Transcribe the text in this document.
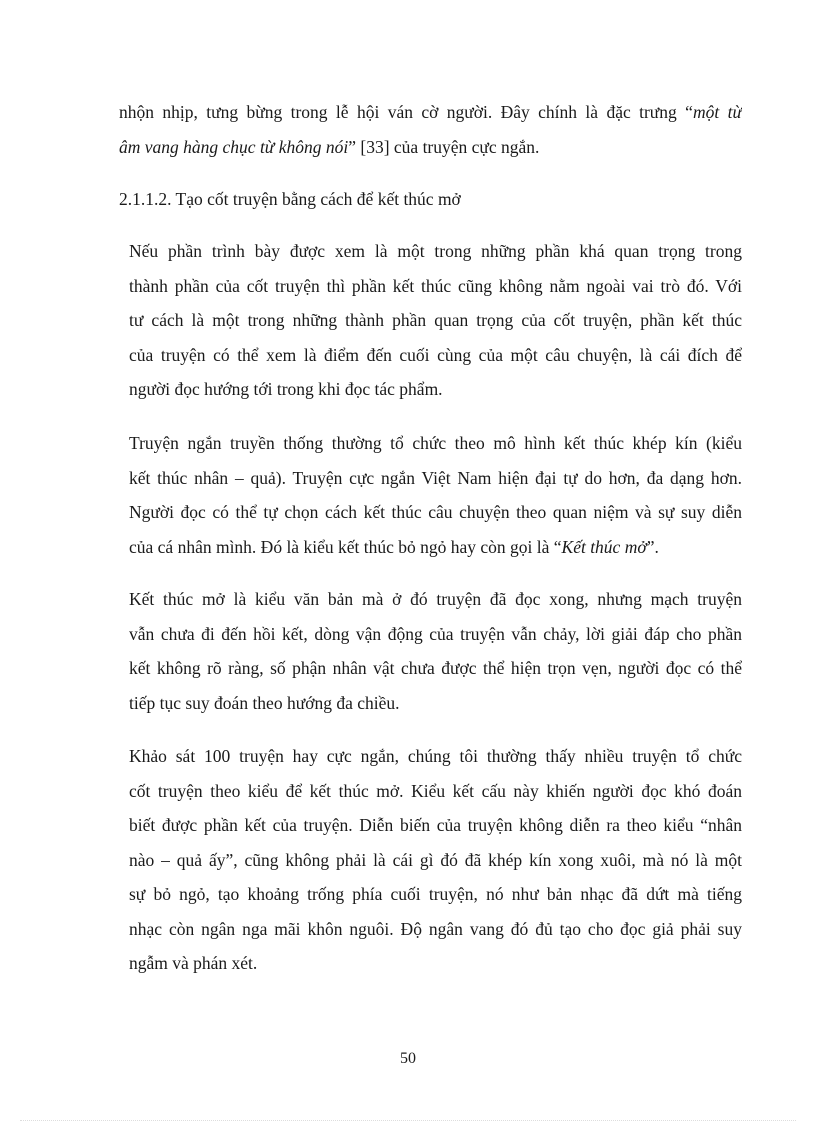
nhộn nhịp, tưng bừng trong lễ hội ván cờ người. Đây chính là đặc trưng “một từ
âm vang hàng chục từ không nói” [33] của truyện cực ngắn.

2.1.1.2. Tạo cốt truyện bằng cách để kết thúc mở

Nếu phần trình bày được xem là một trong những phần khá quan trọng trong
thành phần của cốt truyện thì phần kết thúc cũng không nằm ngoài vai trò đó. Với
tư cách là một trong những thành phần quan trọng của cốt truyện, phần kết thúc
của truyện có thể xem là điểm đến cuối cùng của một câu chuyện, là cái đích để
người đọc hướng tới trong khi đọc tác phẩm.

Truyện ngắn truyền thống thường tổ chức theo mô hình kết thúc khép kín (kiểu
kết thúc nhân – quả). Truyện cực ngắn Việt Nam hiện đại tự do hơn, đa dạng hơn.
Người đọc có thể tự chọn cách kết thúc câu chuyện theo quan niệm và sự suy diễn
của cá nhân mình. Đó là kiểu kết thúc bỏ ngỏ hay còn gọi là “Kết thúc mở”.

Kết thúc mở là kiểu văn bản mà ở đó truyện đã đọc xong, nhưng mạch truyện
vẫn chưa đi đến hồi kết, dòng vận động của truyện vẫn chảy, lời giải đáp cho phần
kết không rõ ràng, số phận nhân vật chưa được thể hiện trọn vẹn, người đọc có thể
tiếp tục suy đoán theo hướng đa chiều.

Khảo sát 100 truyện hay cực ngắn, chúng tôi thường thấy nhiều truyện tổ chức
cốt truyện theo kiểu để kết thúc mở. Kiểu kết cấu này khiến người đọc khó đoán
biết được phần kết của truyện. Diễn biến của truyện không diễn ra theo kiểu “nhân
nào – quả ấy”, cũng không phải là cái gì đó đã khép kín xong xuôi, mà nó là một
sự bỏ ngỏ, tạo khoảng trống phía cuối truyện, nó như bản nhạc đã dứt mà tiếng
nhạc còn ngân nga mãi khôn nguôi. Độ ngân vang đó đủ tạo cho đọc giả phải suy
ngẫm và phán xét.

50
